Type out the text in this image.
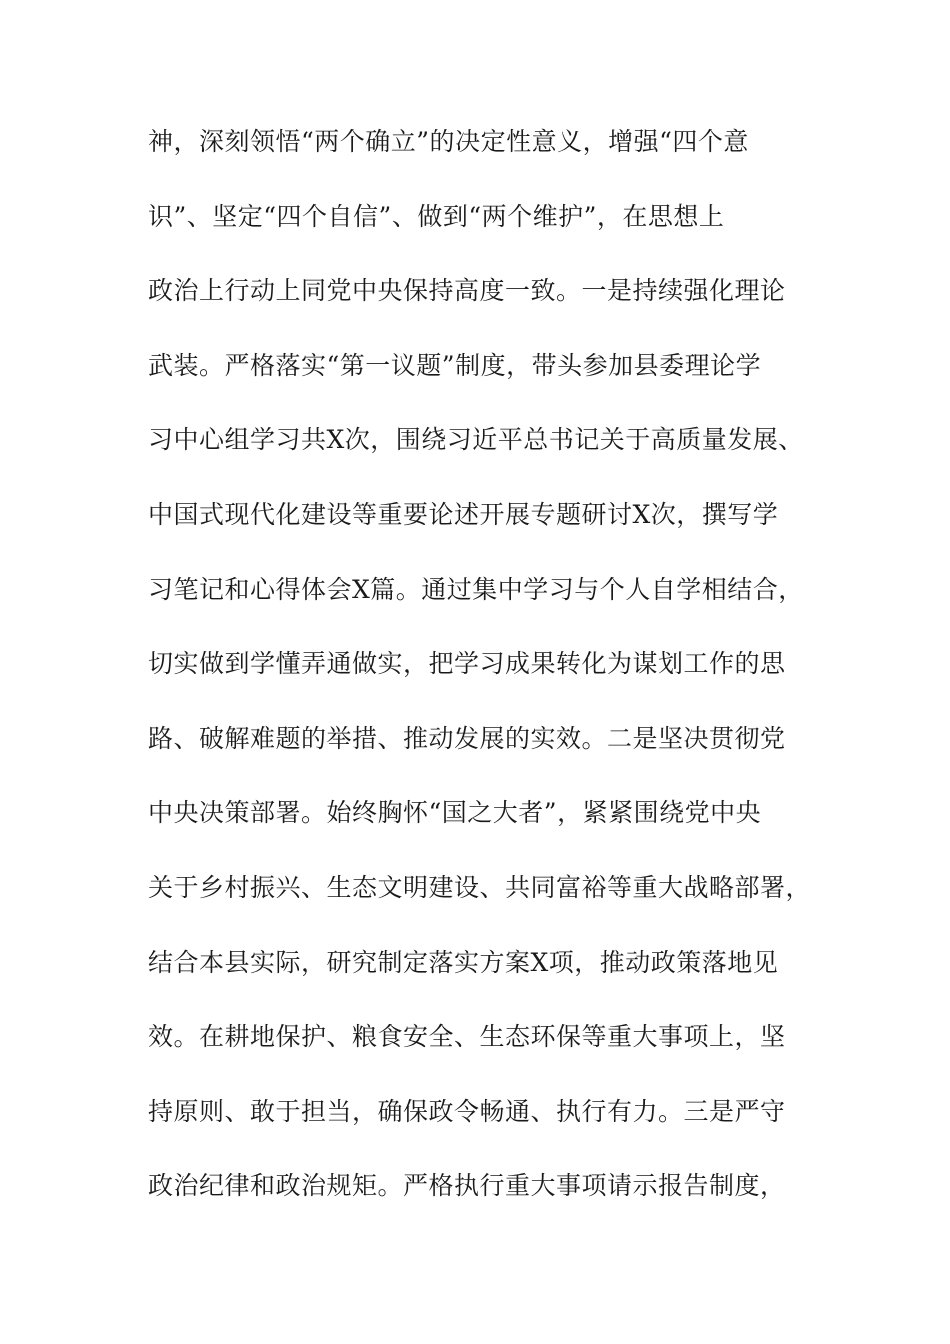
神，深刻领悟“两个确立”的决定性意义，增强“四个意
识”、坚定“四个自信”、做到“两个维护”，在思想上
政治上行动上同党中央保持高度一致。一是持续强化理论
武装。严格落实“第一议题”制度，带头参加县委理论学
习中心组学习共X次，围绕习近平总书记关于高质量发展、
中国式现代化建设等重要论述开展专题研讨X次，撰写学
习笔记和心得体会X篇。通过集中学习与个人自学相结合，
切实做到学懂弄通做实，把学习成果转化为谋划工作的思
路、破解难题的举措、推动发展的实效。二是坚决贯彻党
中央决策部署。始终胸怀“国之大者”，紧紧围绕党中央
关于乡村振兴、生态文明建设、共同富裕等重大战略部署，
结合本县实际，研究制定落实方案X项，推动政策落地见
效。在耕地保护、粮食安全、生态环保等重大事项上，坚
持原则、敢于担当，确保政令畅通、执行有力。三是严守
政治纪律和政治规矩。严格执行重大事项请示报告制度，
